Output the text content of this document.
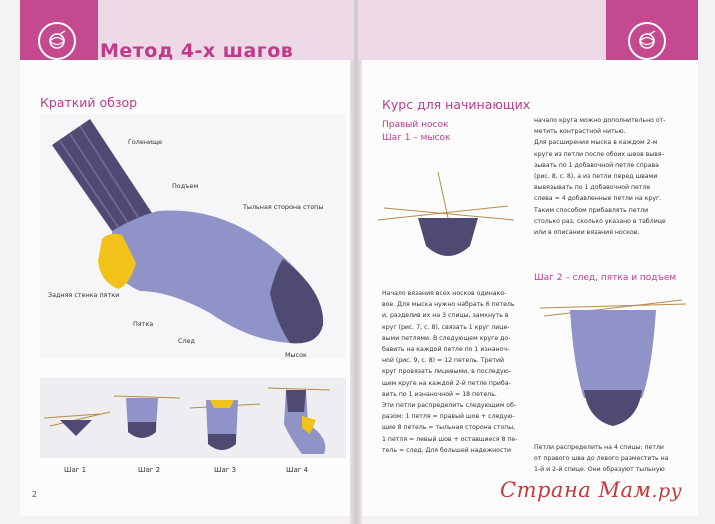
Метод 4-х шагов
Краткий обзор
Голенище
Подъем
Тыльная сторона стопы
Задняя стенка пятки
Пятка
След
Мысок
Шаг 1	Шаг 2	Шаг 3	Шаг 4
2
Курс для начинающих
Правый носок
Шаг 1 – мысок
Начало вязания всех носков одинако-
вое. Для мыска нужно набрать 6 петель
и, разделив их на 3 спицы, замкнуть в
круг (рис. 7, с. 8), связать 1 круг лице-
выми петлями. В следующем круге до-
бавить на каждой петле по 1 изнаноч-
ной (рис. 9, с. 8) = 12 петель. Третий
круг провязать лицевыми, в последую-
щем круге на каждой 2-й петле приба-
вить по 1 изнаночной = 18 петель.
Эти петли распределить следующим об-
разом: 1 петля = правый шов + следую-
щие 8 петель = тыльная сторона стопы,
1 петля = левый шов + оставшиеся 8 пе-
тель = след. Для большей надежности
начало круга можно дополнительно от-
метить контрастной нитью.
Для расширения мыска в каждом 2-м
круге из петли после обоих швов вывя-
зывать по 1 добавочной петле справа
(рис. 8, с. 8), а из петли перед швами
вывязывать по 1 добавочной петле
слева = 4 добавленные петли на круг.
Таким способом прибавлять петли
столько раз, сколько указано в таблице
или в описании вязания носков.
Шаг 2 – след, пятка и подъем
Петли распределить на 4 спицы: петли
от правого шва до левого разместить на
1-й и 2-й спице. Они образуют тыльную
Страна Мам.ру
